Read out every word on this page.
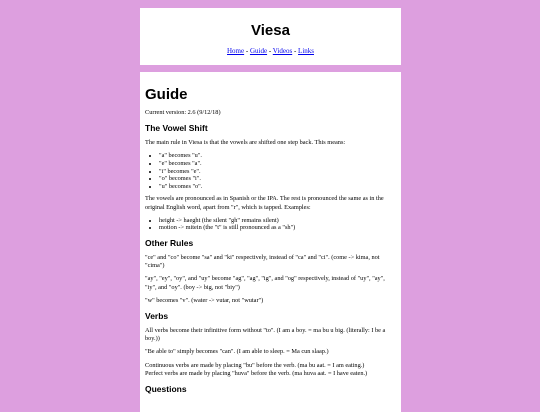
Viesa
Home - Guide - Videos - Links
Guide

Current version: 2.6 (9/12/18)

The Vowel Shift

The main rule in Viesa is that the vowels are shifted one step back. This means:

• "a" becomes "u".
• "e" becomes "a".
• "i" becomes "e".
• "o" becomes "i".
• "u" becomes "o".

The vowels are pronounced as in Spanish or the IPA. The rest is pronounced the same as in the original English word, apart from "r", which is tapped. Examples:

• height -> haeght (the silent "gh" remains silent)
• motion -> mitein (the "t" is still pronounced as a "sh")
Other Rules

"ce" and "co" become "sa" and "ki" respectively, instead of "ca" and "ci". (come -> kima, not "cima")

"ay", "ey", "oy", and "uy" become "ag", "ag", "ig", and "og" respectively, instead of "uy", "ay", "iy", and "oy". (boy -> big, not "biy")

"w" becomes "v". (water -> vutar, not "wutar")

Verbs

All verbs become their infinitive form without "to". (I am a boy. = ma bu u big. (literally: I be a boy.))

"Be able to" simply becomes "can". (I am able to sleep. = Ma cun slaap.)

Continuous verbs are made by placing "bu" before the verb. (ma bu aat. = I am eating.)

Perfect verbs are made by placing "huva" before the verb. (ma huva aat. = I have eaten.)

Questions
